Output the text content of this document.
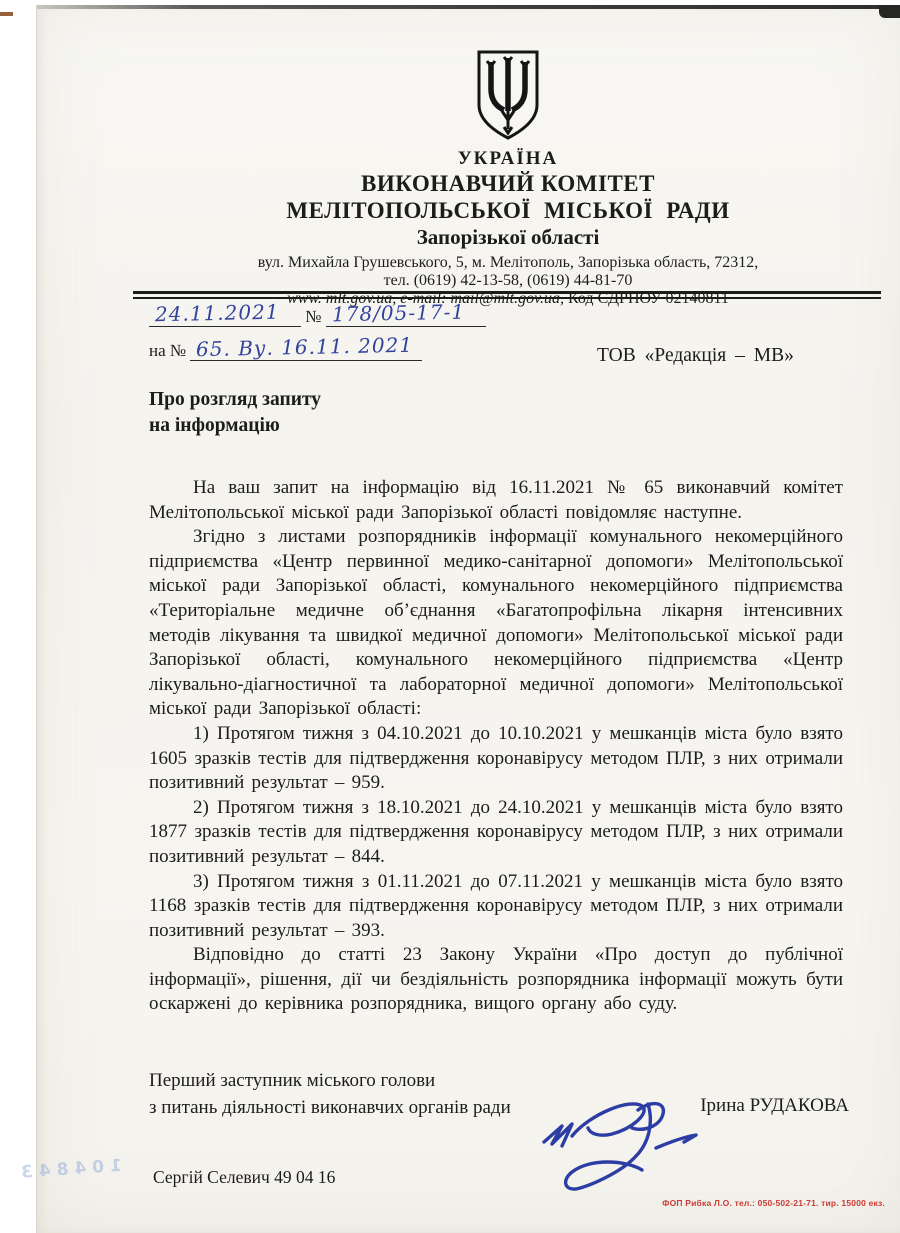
УКРАЇНА
ВИКОНАВЧИЙ КОМІТЕТ
МЕЛІТОПОЛЬСЬКОЇ МІСЬКОЇ РАДИ
Запорізької області
вул. Михайла Грушевського, 5, м. Мелітополь, Запорізька область, 72312,
тел. (0619) 42-13-58, (0619) 44-81-70
www. mlt.gov.ua, e-mail: mail@mlt.gov.ua, Код ЄДРПОУ 02140811
24.11.2021 № 178/05-17-1
на № 65. Ву. 16.11. 2021	ТОВ «Редакція – МВ»
Про розгляд запиту
на інформацію

На ваш запит на інформацію від 16.11.2021 № 65 виконавчий комітет Мелітопольської міської ради Запорізької області повідомляє наступне.

Згідно з листами розпорядників інформації комунального некомерційного підприємства «Центр первинної медико-санітарної допомоги» Мелітопольської міської ради Запорізької області, комунального некомерційного підприємства «Територіальне медичне об’єднання «Багатопрофільна лікарня інтенсивних методів лікування та швидкої медичної допомоги» Мелітопольської міської ради Запорізької області, комунального некомерційного підприємства «Центр лікувально-діагностичної та лабораторної медичної допомоги» Мелітопольської міської ради Запорізької області:

1) Протягом тижня з 04.10.2021 до 10.10.2021 у мешканців міста було взято 1605 зразків тестів для підтвердження коронавірусу методом ПЛР, з них отримали позитивний результат – 959.

2) Протягом тижня з 18.10.2021 до 24.10.2021 у мешканців міста було взято 1877 зразків тестів для підтвердження коронавірусу методом ПЛР, з них отримали позитивний результат – 844.

3) Протягом тижня з 01.11.2021 до 07.11.2021 у мешканців міста було взято 1168 зразків тестів для підтвердження коронавірусу методом ПЛР, з них отримали позитивний результат – 393.

Відповідно до статті 23 Закону України «Про доступ до публічної інформації», рішення, дії чи бездіяльність розпорядника інформації можуть бути оскаржені до керівника розпорядника, вищого органу або суду.

Перший заступник міського голови
з питань діяльності виконавчих органів ради	Ірина РУДАКОВА
Сергій Селевич 49 04 16
ФОП Рибка Л.О. тел.: 050-502-21-71. тир. 15000 екз.
104843
